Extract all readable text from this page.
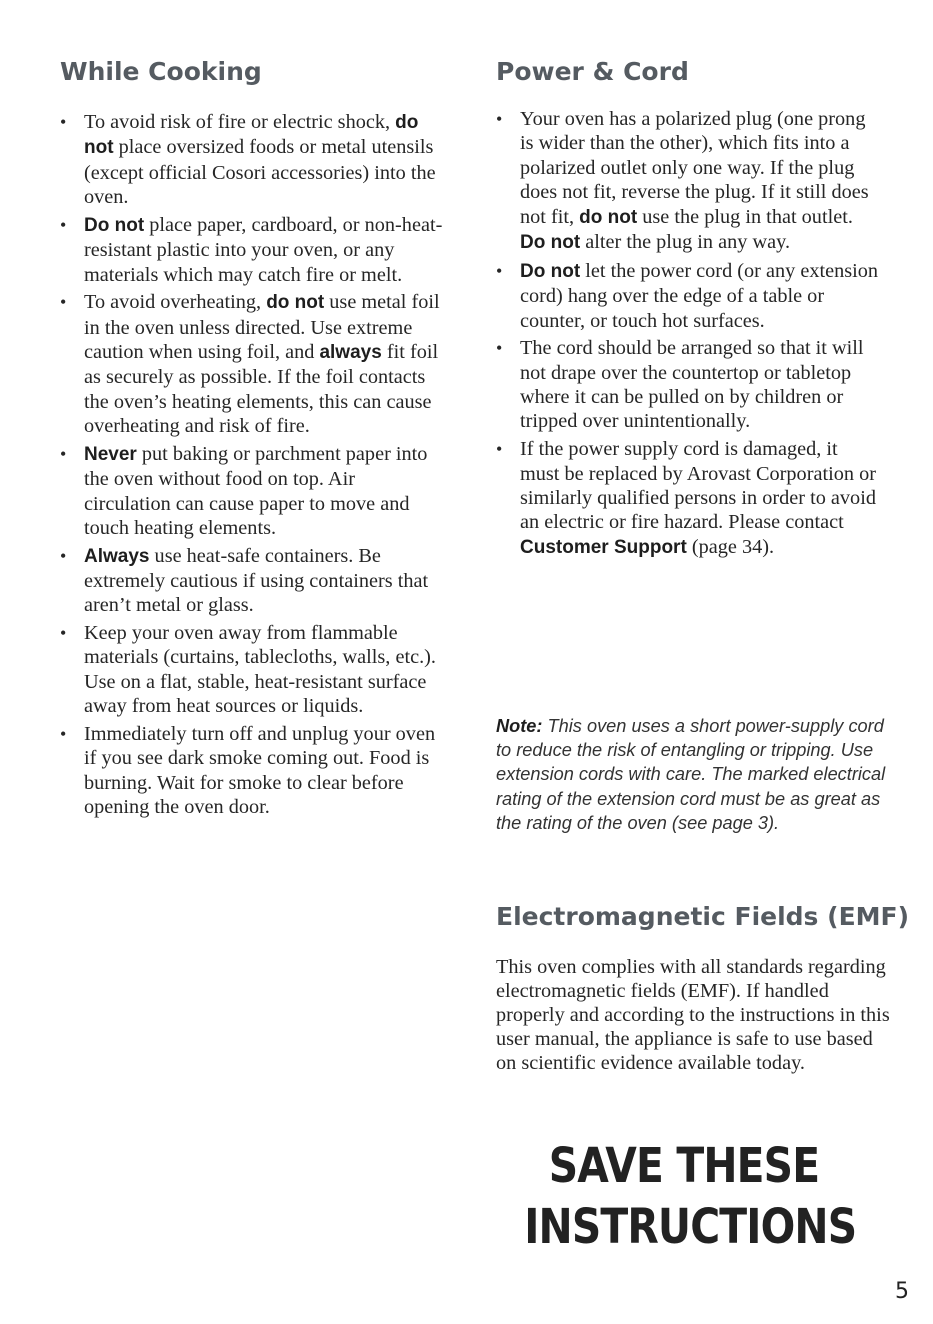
While Cooking
• To avoid risk of fire or electric shock, do not place oversized foods or metal utensils (except official Cosori accessories) into the oven.
• Do not place paper, cardboard, or non-heat-resistant plastic into your oven, or any materials which may catch fire or melt.
• To avoid overheating, do not use metal foil in the oven unless directed. Use extreme caution when using foil, and always fit foil as securely as possible. If the foil contacts the oven’s heating elements, this can cause overheating and risk of fire.
• Never put baking or parchment paper into the oven without food on top. Air circulation can cause paper to move and touch heating elements.
• Always use heat-safe containers. Be extremely cautious if using containers that aren’t metal or glass.
• Keep your oven away from flammable materials (curtains, tablecloths, walls, etc.). Use on a flat, stable, heat-resistant surface away from heat sources or liquids.
• Immediately turn off and unplug your oven if you see dark smoke coming out. Food is burning. Wait for smoke to clear before opening the oven door.
Power & Cord
• Your oven has a polarized plug (one prong is wider than the other), which fits into a polarized outlet only one way. If the plug does not fit, reverse the plug. If it still does not fit, do not use the plug in that outlet. Do not alter the plug in any way.
• Do not let the power cord (or any extension cord) hang over the edge of a table or counter, or touch hot surfaces.
• The cord should be arranged so that it will not drape over the countertop or tabletop where it can be pulled on by children or tripped over unintentionally.
• If the power supply cord is damaged, it must be replaced by Arovast Corporation or similarly qualified persons in order to avoid an electric or fire hazard. Please contact Customer Support (page 34).

Note: This oven uses a short power-supply cord to reduce the risk of entangling or tripping. Use extension cords with care. The marked electrical rating of the extension cord must be as great as the rating of the oven (see page 3).

Electromagnetic Fields (EMF)

This oven complies with all standards regarding electromagnetic fields (EMF). If handled properly and according to the instructions in this user manual, the appliance is safe to use based on scientific evidence available today.

SAVE THESE
INSTRUCTIONS
5
